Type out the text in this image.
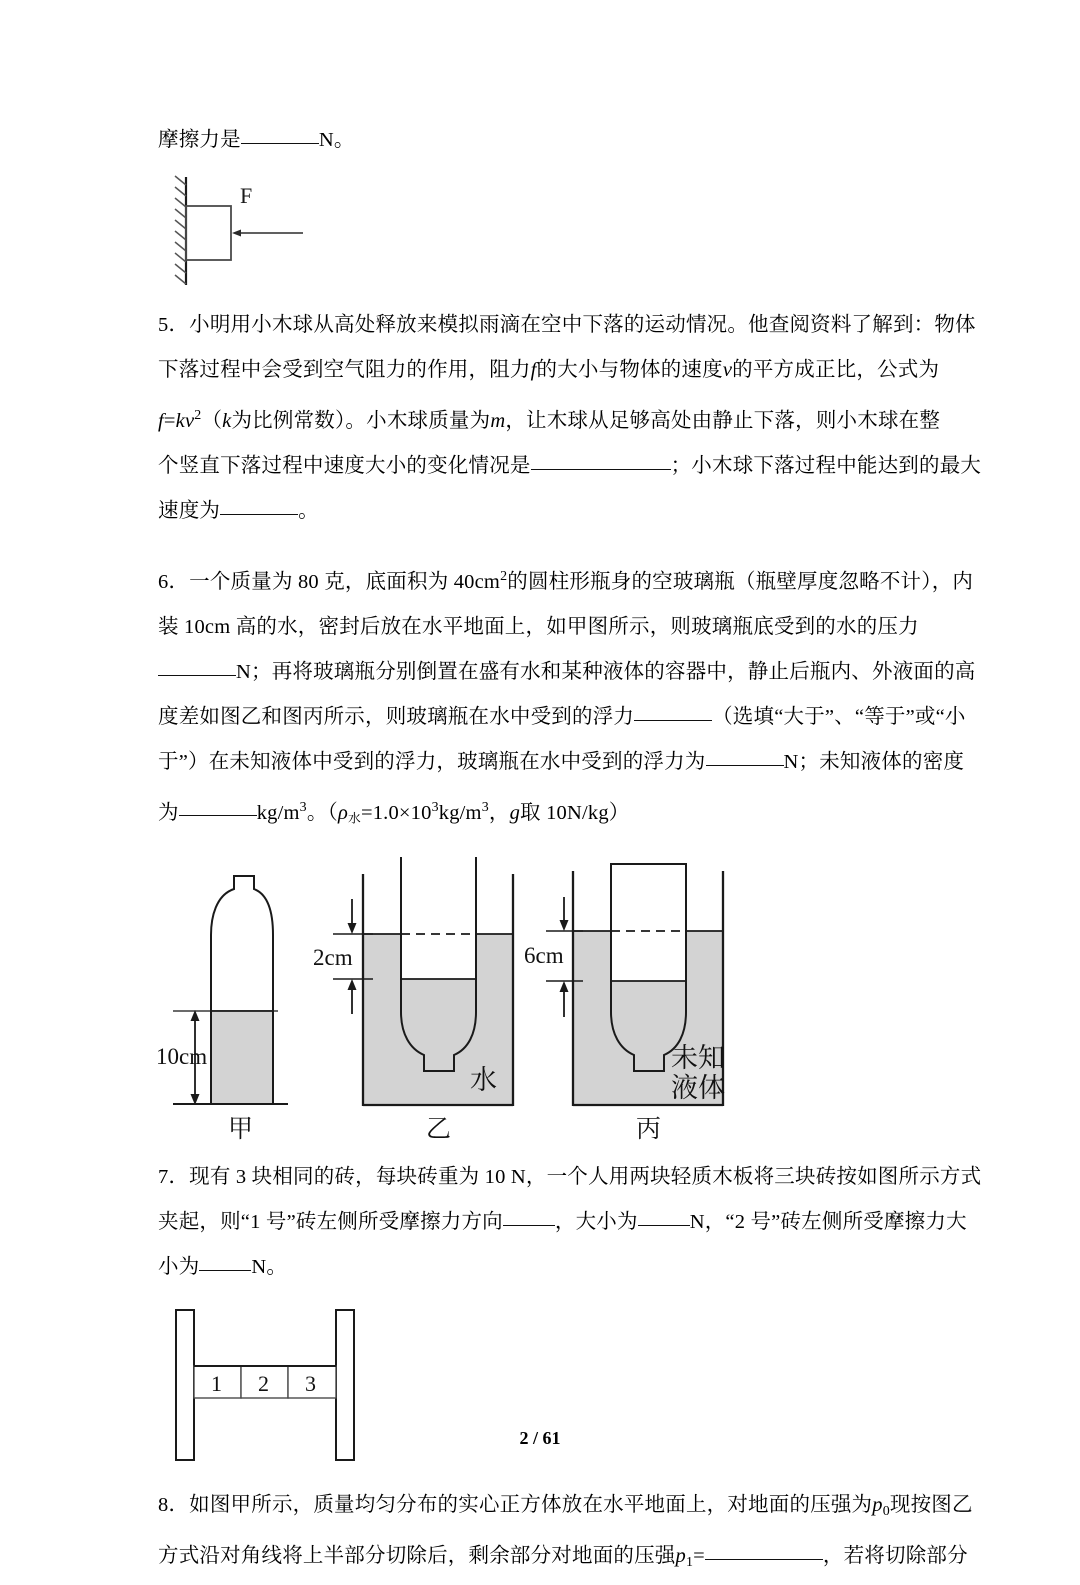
摩擦力是	N。
F
5．小明用小木球从高处释放来模拟雨滴在空中下落的运动情况。他查阅资料了解到：物体
下落过程中会受到空气阻力的作用，阻力f的大小与物体的速度v的平方成正比，公式为
$f=kv^2(k$为比例常数）。小木球质量为m，让木球从足够高处由静止下落，则小木球在整
个竖直下落过程中速度大小的变化情况是	；小木球下落过程中能达到的最大
速度为	。
6．一个质量为 80 克，底面积为 $40cm^2$的圆柱形瓶身的空玻璃瓶（瓶壁厚度忽略不计），内
装 10cm 高的水，密封后放在水平地面上，如甲图所示，则玻璃瓶底受到的水的压力
N；再将玻璃瓶分别倒置在盛有水和某种液体的容器中，静止后瓶内、外液面的高
度差如图乙和图丙所示，则玻璃瓶在水中受到的浮力	（选填“大于”、“等于”或“小
于”）在未知液体中受到的浮力，玻璃瓶在水中受到的浮力为	N；未知液体的密度
为	$kg/m^3$。（ρ水$=1.0\times 10^3kg/m^3$，g取 10N/kg）
10cm
甲
2cm
水
乙
6cm
未知
液体
丙
7．现有 3 块相同的砖，每块砖重为 10 N，一个人用两块轻质木板将三块砖按如图所示方式
夹起，则“1 号”砖左侧所受摩擦力方向	，大小为	N，“2 号”砖左侧所受摩擦力大
小为	N。
1 2 3
8．如图甲所示，质量均匀分布的实心正方体放在水平地面上，对地面的压强为$p_0$现按图乙
方式沿对角线将上半部分切除后，剩余部分对地面的压强$p_1=$	，若将切除部分
2 / 61
